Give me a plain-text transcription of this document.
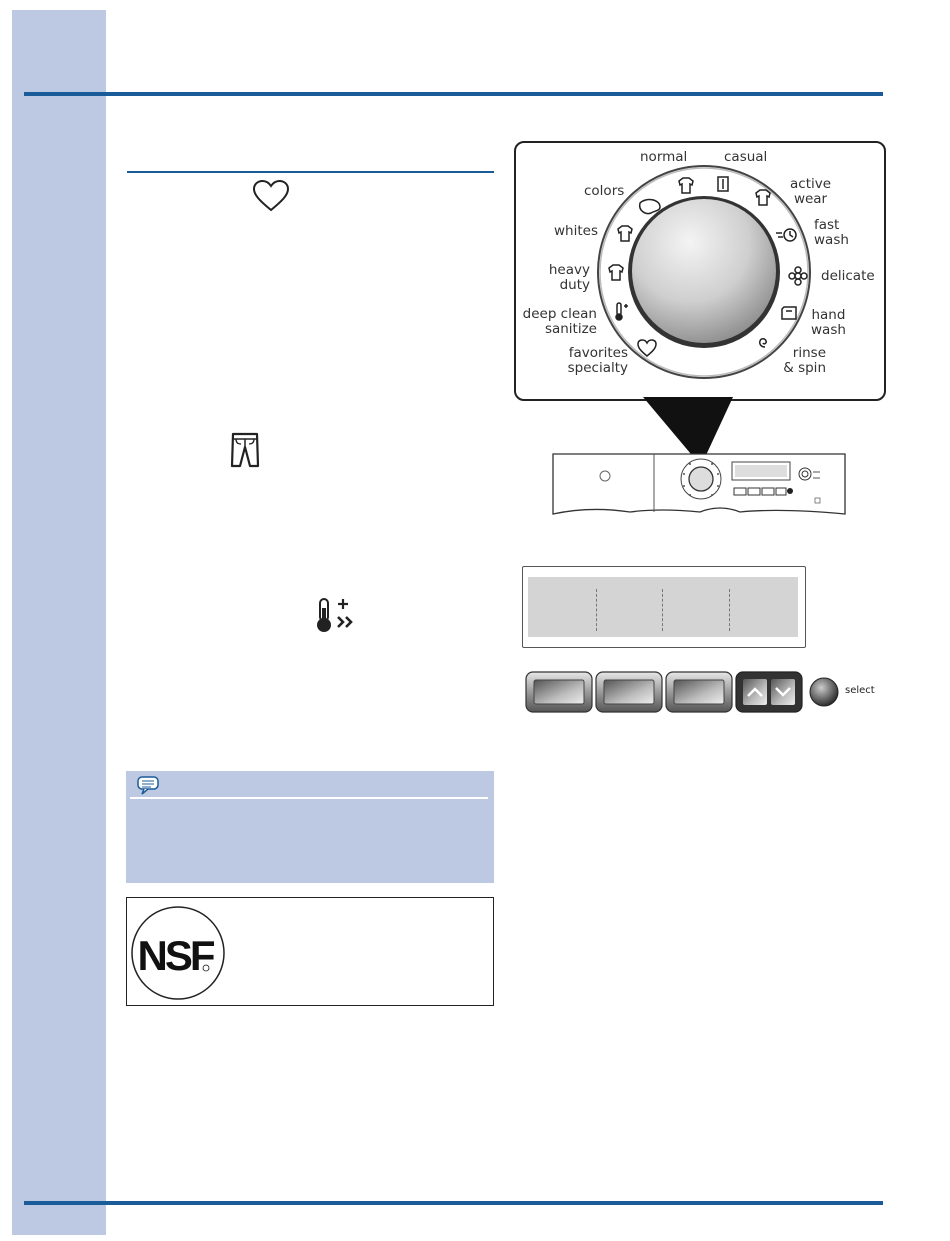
normal	casual
active
wear
colors
fast
wash
whites
delicate
heavy
duty
hand
wash
deep clean
sanitize
favorites
specialty
rinse
& spin
select
NSF
